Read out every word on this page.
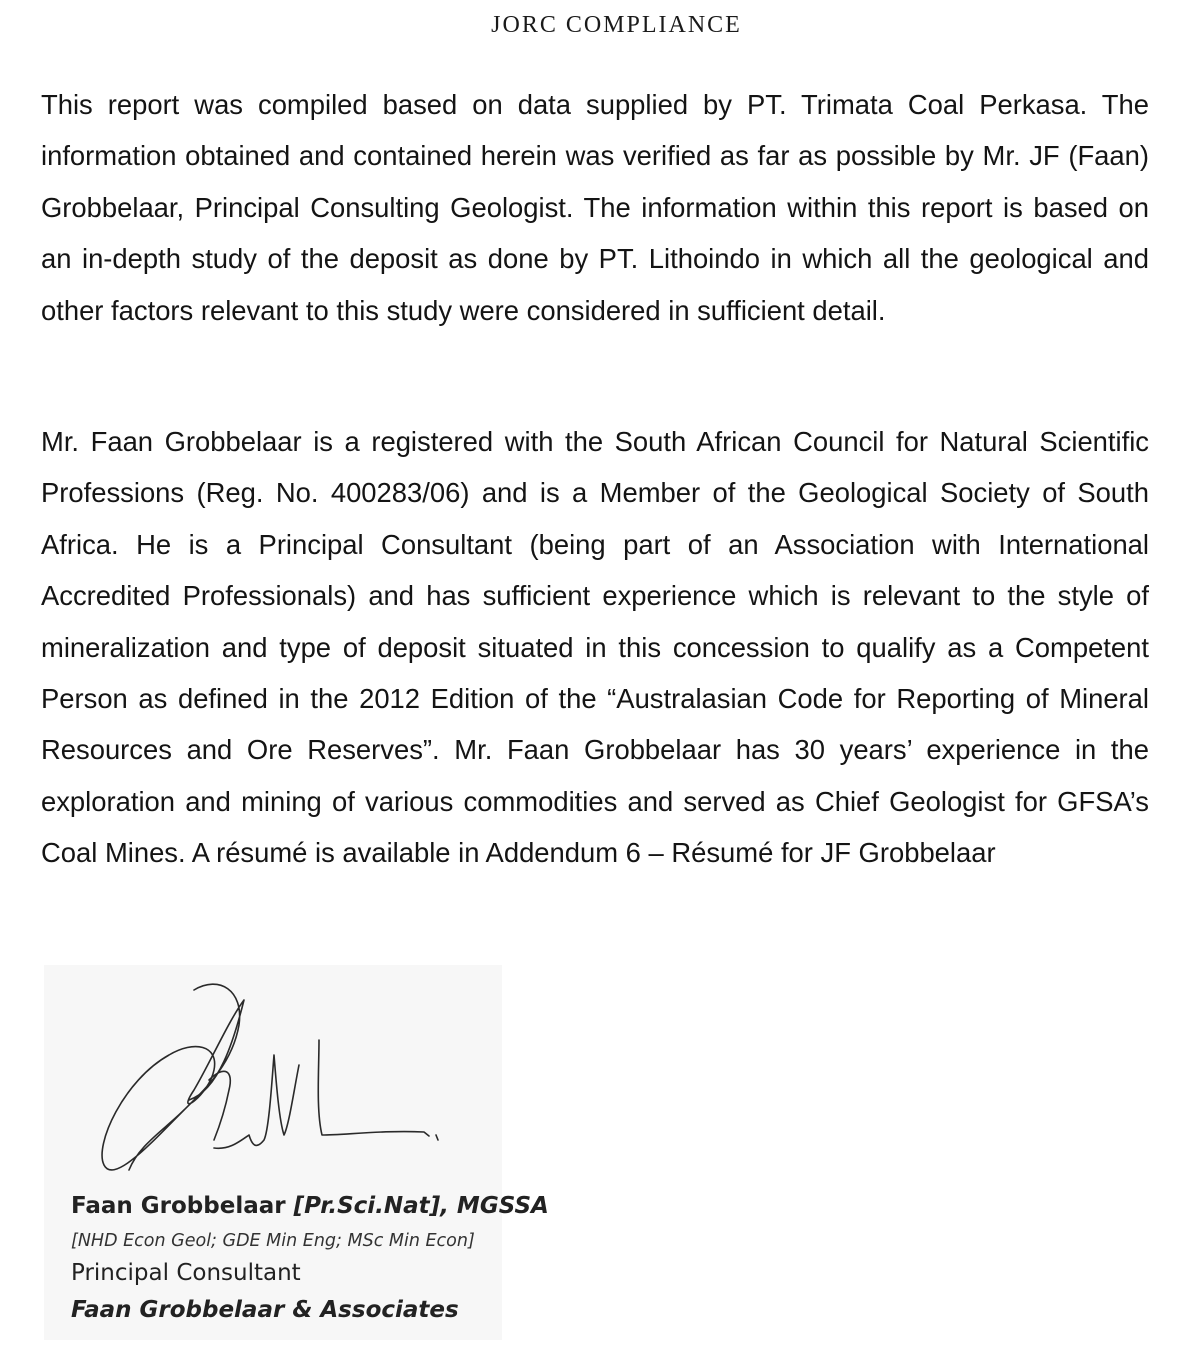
JORC COMPLIANCE

This report was compiled based on data supplied by PT. Trimata Coal Perkasa. The information obtained and contained herein was verified as far as possible by Mr. JF (Faan) Grobbelaar, Principal Consulting Geologist. The information within this report is based on an in-depth study of the deposit as done by PT. Lithoindo in which all the geological and other factors relevant to this study were considered in sufficient detail.

Mr. Faan Grobbelaar is a registered with the South African Council for Natural Scientific Professions (Reg. No. 400283/06) and is a Member of the Geological Society of South Africa. He is a Principal Consultant (being part of an Association with International Accredited Professionals) and has sufficient experience which is relevant to the style of mineralization and type of deposit situated in this concession to qualify as a Competent Person as defined in the 2012 Edition of the “Australasian Code for Reporting of Mineral Resources and Ore Reserves”. Mr. Faan Grobbelaar has 30 years’ experience in the exploration and mining of various commodities and served as Chief Geologist for GFSA’s Coal Mines. A résumé is available in Addendum 6 – Résumé for JF Grobbelaar

Faan Grobbelaar [Pr.Sci.Nat], MGSSA
[NHD Econ Geol; GDE Min Eng; MSc Min Econ]
Principal Consultant
Faan Grobbelaar & Associates
